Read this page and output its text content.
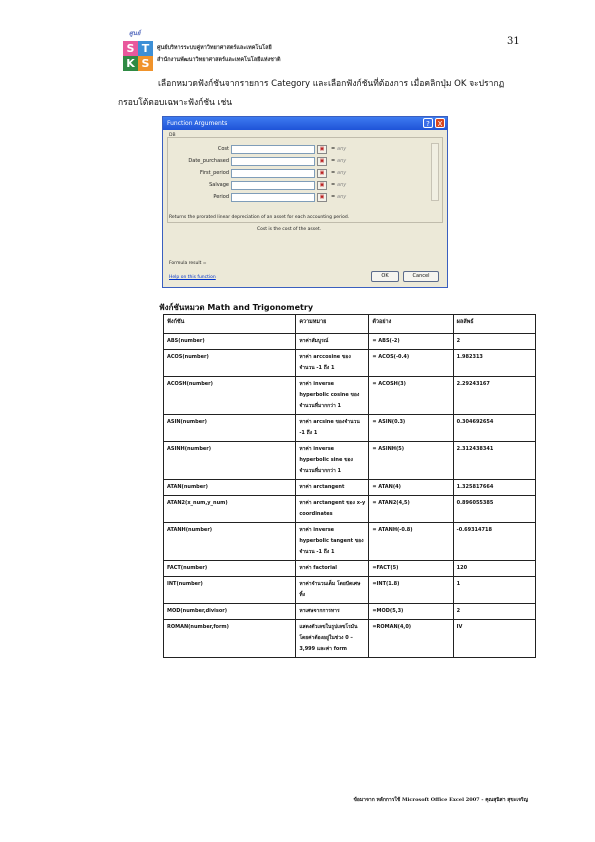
31
ศูนย์
S T
K S
ศูนย์บริหารระบบคู่หาวิทยาศาสตร์และเทคโนโลยี
สำนักงานพัฒนาวิทยาศาสตร์และเทคโนโลยีแห่งชาติ
เลือกหมวดฟังก์ชันจากรายการ Category และเลือกฟังก์ชันที่ต้องการ เมื่อคลิกปุ่ม OK จะปรากฏ
กรอบโต้ตอบเฉพาะฟังก์ชัน เช่น
Function Arguments	?	X
DB
Cost	▣	= any
Date_purchased	▣	= any
First_period	▣	= any
Salvage	▣	= any
Period	▣	= any
Returns the prorated linear depreciation of an asset for each accounting period.
Cost is the cost of the asset.
Formula result =
Help on this function	OK	Cancel
ฟังก์ชันหมวด Math and Trigonometry
ฟังก์ชัน	ความหมาย	ตัวอย่าง	ผลลัพธ์
ABS(number)	หาค่าสัมบูรณ์	= ABS(-2)	2
ACOS(number)	หาค่า arccosine ของจำนวน -1 ถึง 1	= ACOS(-0.4)	1.982313
ACOSH(number)	หาค่า inverse hyperbolic cosine ของจำนวนที่มากกว่า 1	= ACOSH(3)	2.29243167
ASIN(number)	หาค่า arcsine ของจำนวน -1 ถึง 1	= ASIN(0.3)	0.304692654
ASINH(number)	หาค่า inverse hyperbolic sine ของจำนวนที่มากกว่า 1	= ASINH(5)	2.312438341
ATAN(number)	หาค่า arctangent	= ATAN(4)	1.325817664
ATAN2(x_num,y_num)	หาค่า arctangent ของ x-y coordinates	= ATAN2(4,5)	0.896055385
ATANH(number)	หาค่า inverse hyperbolic tangent ของจำนวน -1 ถึง 1	= ATANH(-0.8)	-0.69314718
FACT(number)	หาค่า factorial	=FACT(5)	120
INT(number)	หาค่าจำนวนเต็ม โดยปัดเศษทิ้ง	=INT(1.8)	1
MOD(number,divisor)	หาเศษจากการหาร	=MOD(5,3)	2
ROMAN(number,form)	แสดงตัวเลขในรูปเลขโรมัน โดยค่าต้องอยู่ในช่วง 0 – 3,999 และค่า form	=ROMAN(4,0)	IV
ข้อมาจาก หลักการใช้ Microsoft Office Excel 2007 - คุณสุนิสา สุขะเจริญ
